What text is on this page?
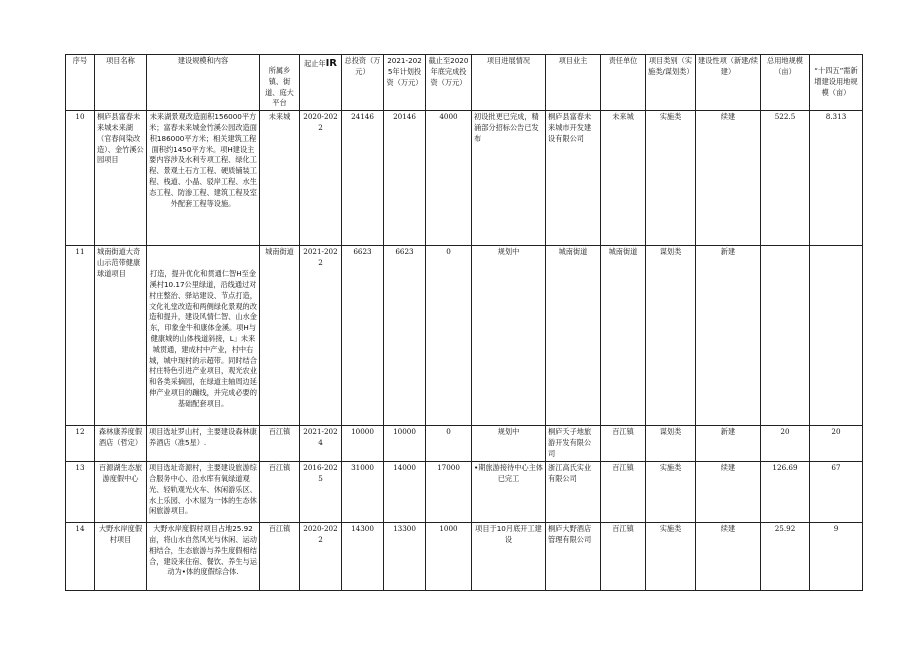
序号	项目名称	建设规模和内容	所属乡镇、街道、庭大平台	起止年IR	总投资（万元）	2021-2025年计划投资（万元）	截止至2020年底完成投资（万元）	项目进展情况	项目业主	责任单位	项目类别（实施类/谋划类）	建设性项（新建/续建）	总用地规模（亩）	“十四五”需新增建设用地规模（亩）
10	桐庐县富春未来城未来湖（官春间染改造）、金竹溪公园项目	未来湖景观改造面积156000平方米；富春未来城金竹溪公园改造面积186000平方米；相关建筑工程面积约1450平方米。项H建设主要内容涉及水利专项工程、绿化工程、景观土石方工程、硬质铺装工程、栈道、小晶、驳岸工程、水生态工程、防渗工程、建筑工程及室外配套工程等设施。	未来城	2020-2022	24146	20146	4000	初设批更已完成，精涌部分招标公告已发布	桐庐县富春未来城市开发建设有限公司	未来城	实施类	续建	522.5	8.313
11	城南街道大奇山示范带健康球道项目	打造，提升优化和贯通仁智H至金溪村10.17公里绿道，沿线通过对村庄整治、驿站建设、节点打造，文化礼堂改造和两侧绿化景观的改造和提升，建设风情仁智、山水金东，印象金牛和康体金溪。项H与健康城的山体栈道斜接，L」未来城贯通，建成村中产业，村中右城，城中现村的示超带。同时结合村庄特色引进产业项目，观光农业和各类采摘园，在绿道主轴周边延伸产业项目的蹦线，并完成必要的基础配套项目。	城南街道	2021-2022	6623	6623	0	规划中	城南街道	城南街道	谋划类	新建		
12	森林康养度假酒店（哲定）	项目选址罗山村，主要建设森林康养酒店（准5星）.	百江镇	2021-2024	10000	10000	0	规划中	桐庐夭子地旅游开发有限公司	百江镇	谋划类	新建	20	20
13	百源湖生态旅游度假中心	项目选址奇源村，主要建设旅游综合服务中心、沿水库有氧绿道观光、轻轨观光火车、休闲游乐区、水上乐园、小木屋为一体的生态休闲旅游项目。	百江镇	2016-2025	31000	14000	17000	•期旅游接待中心主体已完工	浙江高氏实业有限公司	百江镇	实施类	续建	126.69	67
14	大野水岸度假村项目	大野水岸度假村项目占地25.92亩，将山水自然风光与休闲、运动相结合，生态旅游与养生度假相结合，建设来住宿、餐饮、养生与运动为•体的度假综合体.	百江镇	2020-2022	14300	13300	1000	项目于10月底开工建设	桐庐大野酒店管理有限公司	百江镇	实施类	续建	25.92	9
